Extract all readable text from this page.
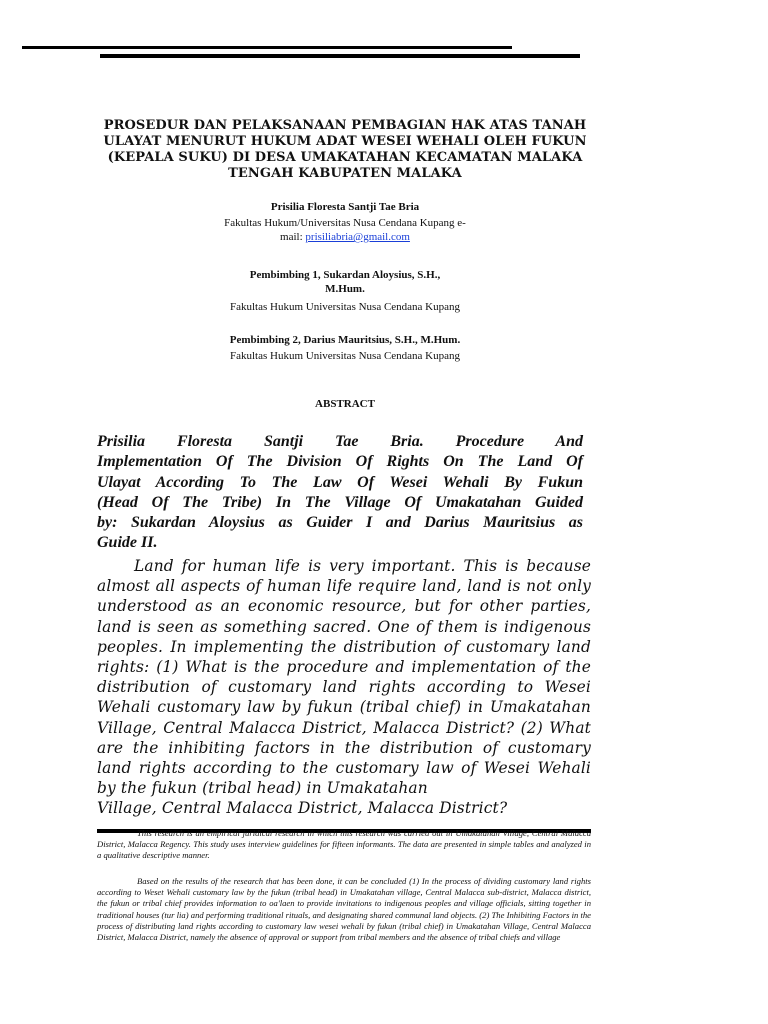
PROSEDUR DAN PELAKSANAAN PEMBAGIAN HAK ATAS TANAH
ULAYAT MENURUT HUKUM ADAT WESEI WEHALI OLEH FUKUN
(KEPALA SUKU) DI DESA UMAKATAHAN KECAMATAN MALAKA
TENGAH KABUPATEN MALAKA
Prisilia Floresta Santji Tae Bria
Fakultas Hukum/Universitas Nusa Cendana Kupang e-
mail: prisiliabria@gmail.com
Pembimbing 1, Sukardan Aloysius, S.H.,
M.Hum.
Fakultas Hukum Universitas Nusa Cendana Kupang
Pembimbing 2, Darius Mauritsius, S.H., M.Hum.
Fakultas Hukum Universitas Nusa Cendana Kupang
ABSTRACT
Prisilia Floresta Santji Tae Bria. Procedure And
Implementation Of The Division Of Rights On The Land Of
Ulayat According To The Law Of Wesei Wehali By Fukun
(Head Of The Tribe) In The Village Of Umakatahan Guided
by: Sukardan Aloysius as Guider I and Darius Mauritsius as
Guide II.
Land for human life is very important. This is because almost all aspects of human life require land, land is not only understood as an economic resource, but for other parties, land is seen as something sacred. One of them is indigenous peoples. In implementing the distribution of customary land rights: (1) What is the procedure and implementation of the distribution of customary land rights according to Wesei Wehali customary law by fukun (tribal chief) in Umakatahan Village, Central Malacca District, Malacca District? (2) What are the inhibiting factors in the distribution of customary land rights according to the customary law of Wesei Wehali by the fukun (tribal head) in Umakatahan
Village, Central Malacca District, Malacca District?
This research is an empirical juridical research in which this research was carried out in Umakatahan Village, Central Malacca District, Malacca Regency. This study uses interview guidelines for fifteen informants. The data are presented in simple tables and analyzed in a qualitative descriptive manner.
Based on the results of the research that has been done, it can be concluded (1) In the process of dividing customary land rights according to Weset Wehali customary law by the fukun (tribal head) in Umakatahan village, Central Malacca sub-district, Malacca district, the fukun or tribal chief provides information to oa'laen to provide invitations to indigenous peoples and village officials, sitting together in traditional houses (tur lia) and performing traditional rituals, and designating shared communal land objects. (2) The Inhibiting Factors in the process of distributing land rights according to customary law wesei wehali by fukun (tribal chief) in Umakatahan Village, Central Malacca District, Malacca District, namely the absence of approval or support from tribal members and the absence of tribal chiefs and village
